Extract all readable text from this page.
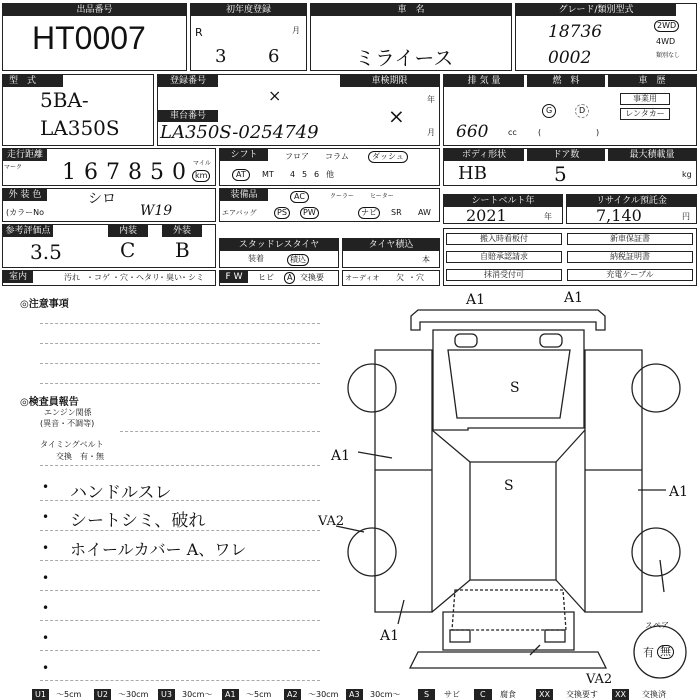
出品番号
HT0007
初年度登録
R	月
3 6
車　名
ミライース
グレード/類別型式
18736
0002
2WD
4WD
類別なし
型　式
5BA-
LA350S
登録番号
×
車台番号
LA350S-0254749
車検期限
年
月
×
排 気 量
660 cc
燃　料
G	D
(	)
車　歴
事業用
レンタカー
走行距離
マーク
マイル
km
1 6 7 8 5 0
シフト	フロア コラム	ダッシュ
AT	MT 4 5 6 他
ボディ形状
HB
ドア数
5
最大積載量
kg
外 装 色	シロ
(カラーNo	W19
装備品	AC	クーラー	ヒーター
エアバッグ	PS	PW	ナビ	SR AW
シートベルト年
2021	年
リサイクル預託金
7,140	円
参考評価点
3.5
内装
C
外装
B	スタッドレスタイヤ
装着	積込
タイヤ積込
本
搬入時看板付	新車保証書
自賠承認請求	納税証明書
抹消受付可	充電ケーブル
室内	汚れ ・コゲ ・穴 ・ヘタリ
・臭い
・シミ	F W	ヒビ	A 交換要	オーディオ 欠 ・穴
◎注意事項
◎検査員報告
エンジン関係
(異音・不調等)
タイミングベルト
交換　有・無
• ハンドルスレ
• シートシミ、破れ
• ホイールカバー A、ワレ
•
•
•
•
A1	A1
S
A1
S	A1
VA2
A1
VA2
スペア
有 無
U1	～5cm	U2	～30cm	U3	30cm～	A1	～5cm	A2	～30cm	A3	30cm～	S	サビ	C	腐食	XX	交換要す	XX	交換済
